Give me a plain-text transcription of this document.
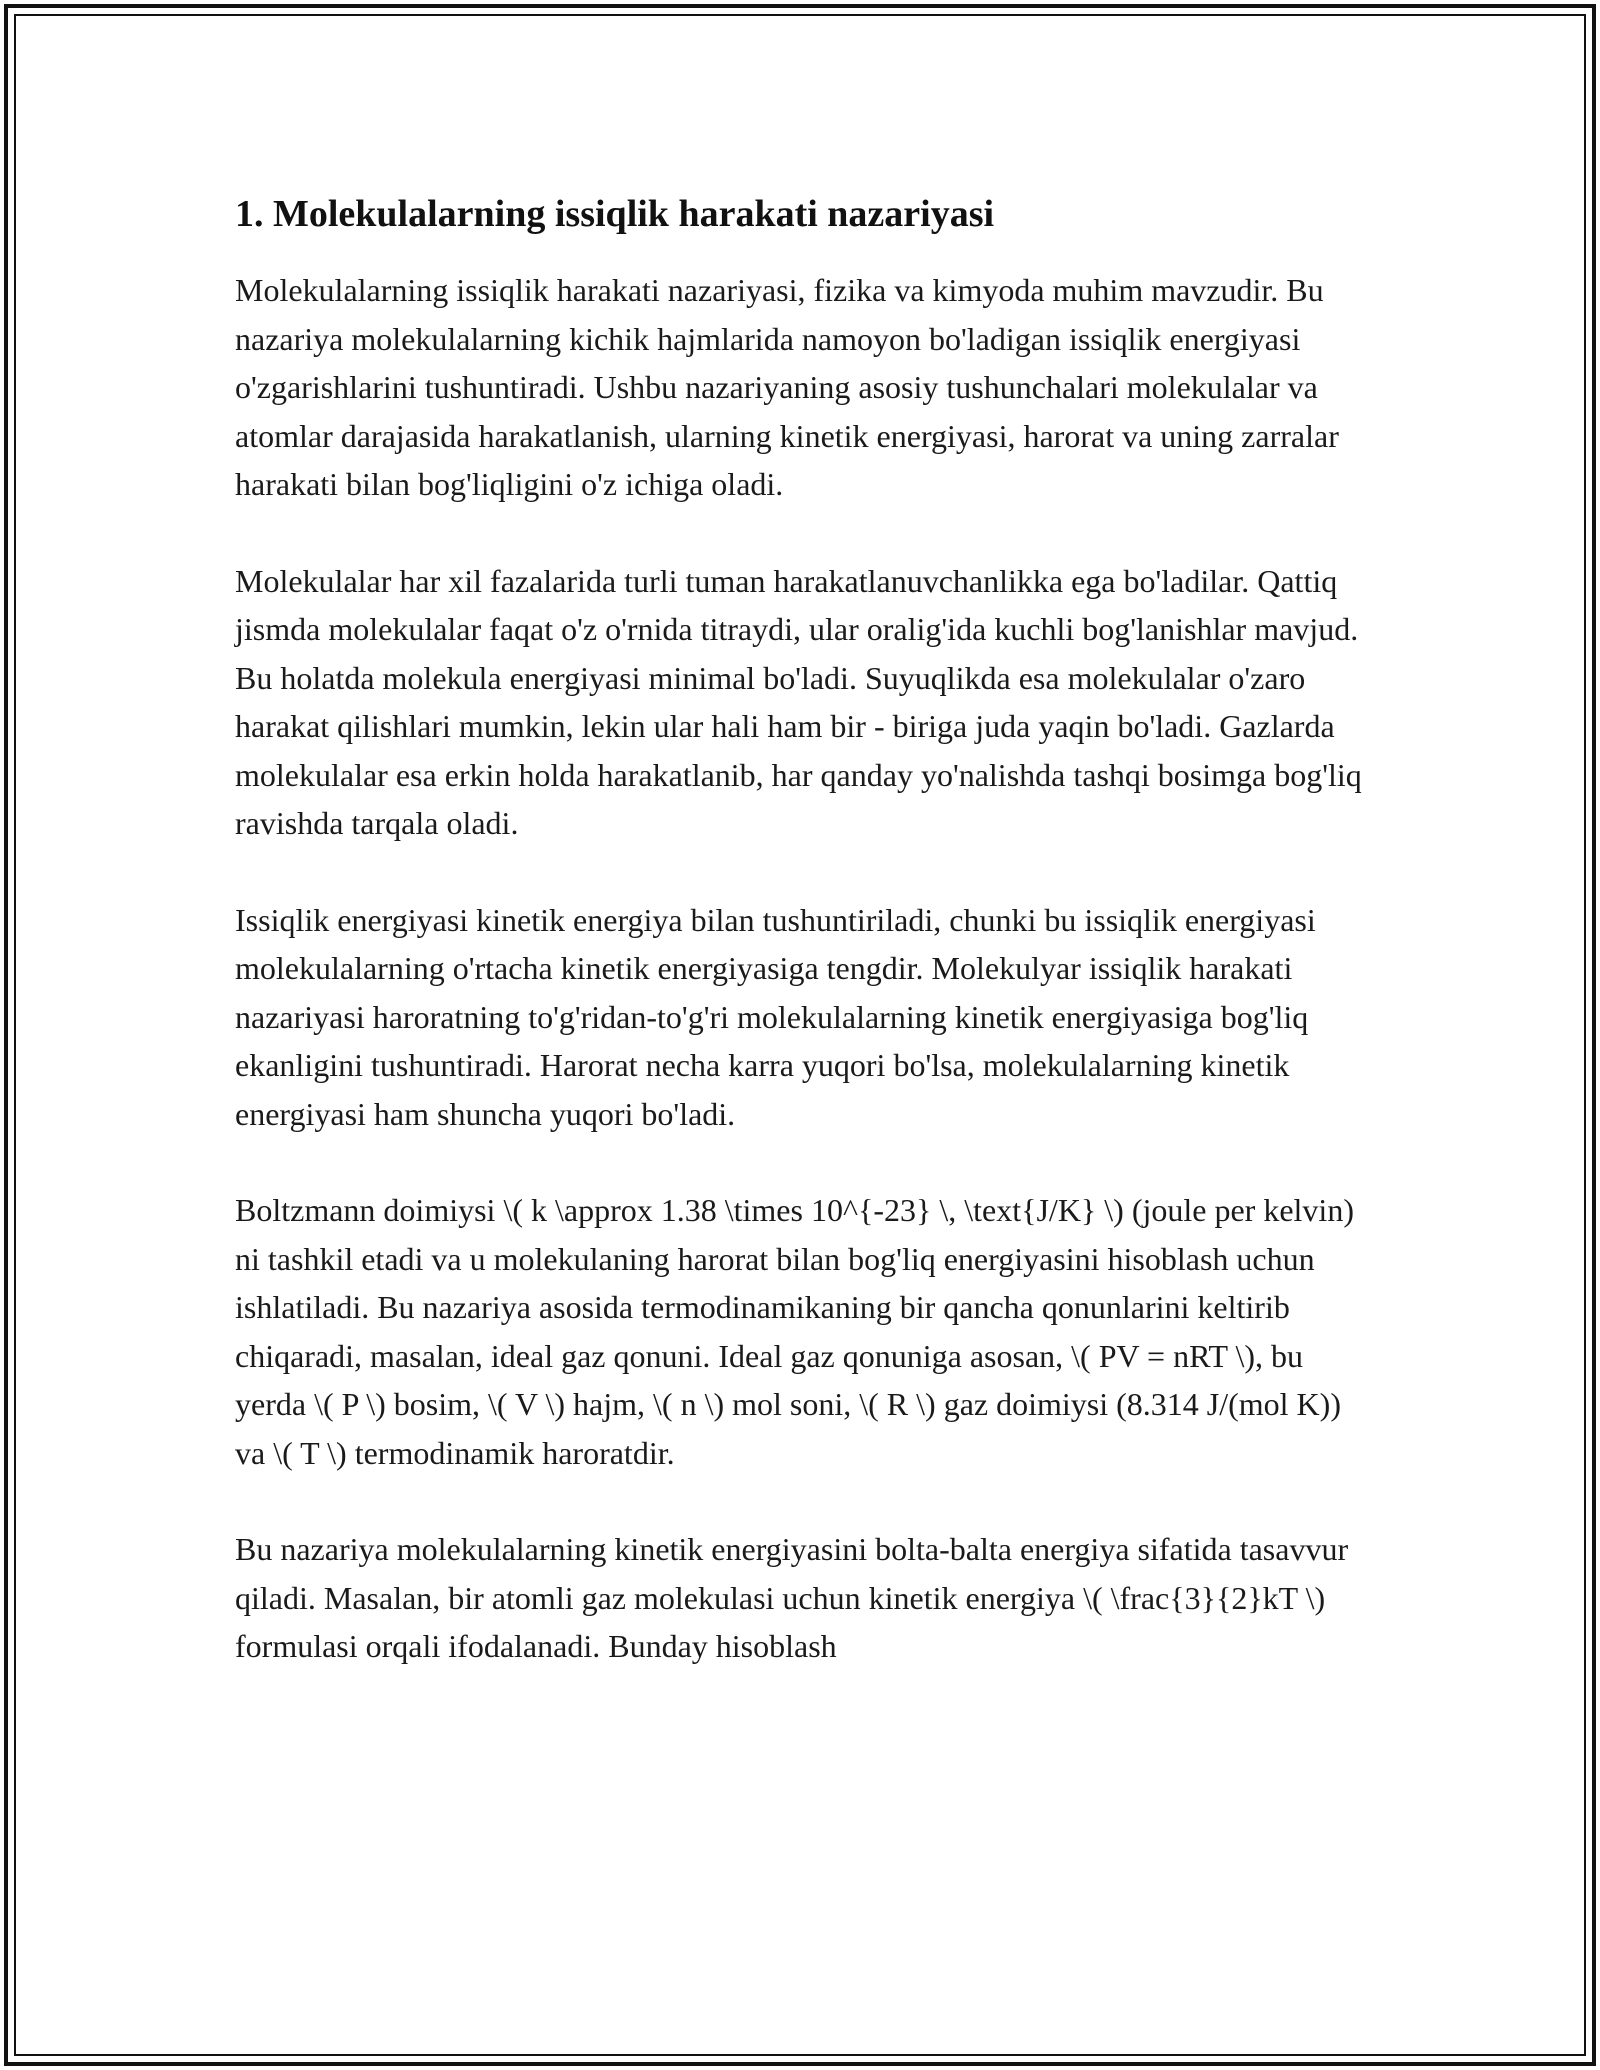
1. Molekulalarning issiqlik harakati nazariyasi

Molekulalarning issiqlik harakati nazariyasi, fizika va kimyoda muhim mavzudir. Bu nazariya molekulalarning kichik hajmlarida namoyon bo'ladigan issiqlik energiyasi o'zgarishlarini tushuntiradi. Ushbu nazariyaning asosiy tushunchalari molekulalar va atomlar darajasida harakatlanish, ularning kinetik energiyasi, harorat va uning zarralar harakati bilan bog'liqligini o'z ichiga oladi.

Molekulalar har xil fazalarida turli tuman harakatlanuvchanlikka ega bo'ladilar. Qattiq jismda molekulalar faqat o'z o'rnida titraydi, ular oralig'ida kuchli bog'lanishlar mavjud. Bu holatda molekula energiyasi minimal bo'ladi. Suyuqlikda esa molekulalar o'zaro harakat qilishlari mumkin, lekin ular hali ham bir - biriga juda yaqin bo'ladi. Gazlarda molekulalar esa erkin holda harakatlanib, har qanday yo'nalishda tashqi bosimga bog'liq ravishda tarqala oladi.

Issiqlik energiyasi kinetik energiya bilan tushuntiriladi, chunki bu issiqlik energiyasi molekulalarning o'rtacha kinetik energiyasiga tengdir. Molekulyar issiqlik harakati nazariyasi haroratning to'g'ridan-to'g'ri molekulalarning kinetik energiyasiga bog'liq ekanligini tushuntiradi. Harorat necha karra yuqori bo'lsa, molekulalarning kinetik energiyasi ham shuncha yuqori bo'ladi.

Boltzmann doimiysi \( k \approx 1.38 \times 10^{-23} \, \text{J/K} \) (joule per kelvin) ni tashkil etadi va u molekulaning harorat bilan bog'liq energiyasini hisoblash uchun ishlatiladi. Bu nazariya asosida termodinamikaning bir qancha qonunlarini keltirib chiqaradi, masalan, ideal gaz qonuni. Ideal gaz qonuniga asosan, \( PV = nRT \), bu yerda \( P \) bosim, \( V \) hajm, \( n \) mol soni, \( R \) gaz doimiysi (8.314 J/(mol K)) va \( T \) termodinamik haroratdir.

Bu nazariya molekulalarning kinetik energiyasini bolta-balta energiya sifatida tasavvur qiladi. Masalan, bir atomli gaz molekulasi uchun kinetik energiya \( \frac{3}{2}kT \) formulasi orqali ifodalanadi. Bunday hisoblash
